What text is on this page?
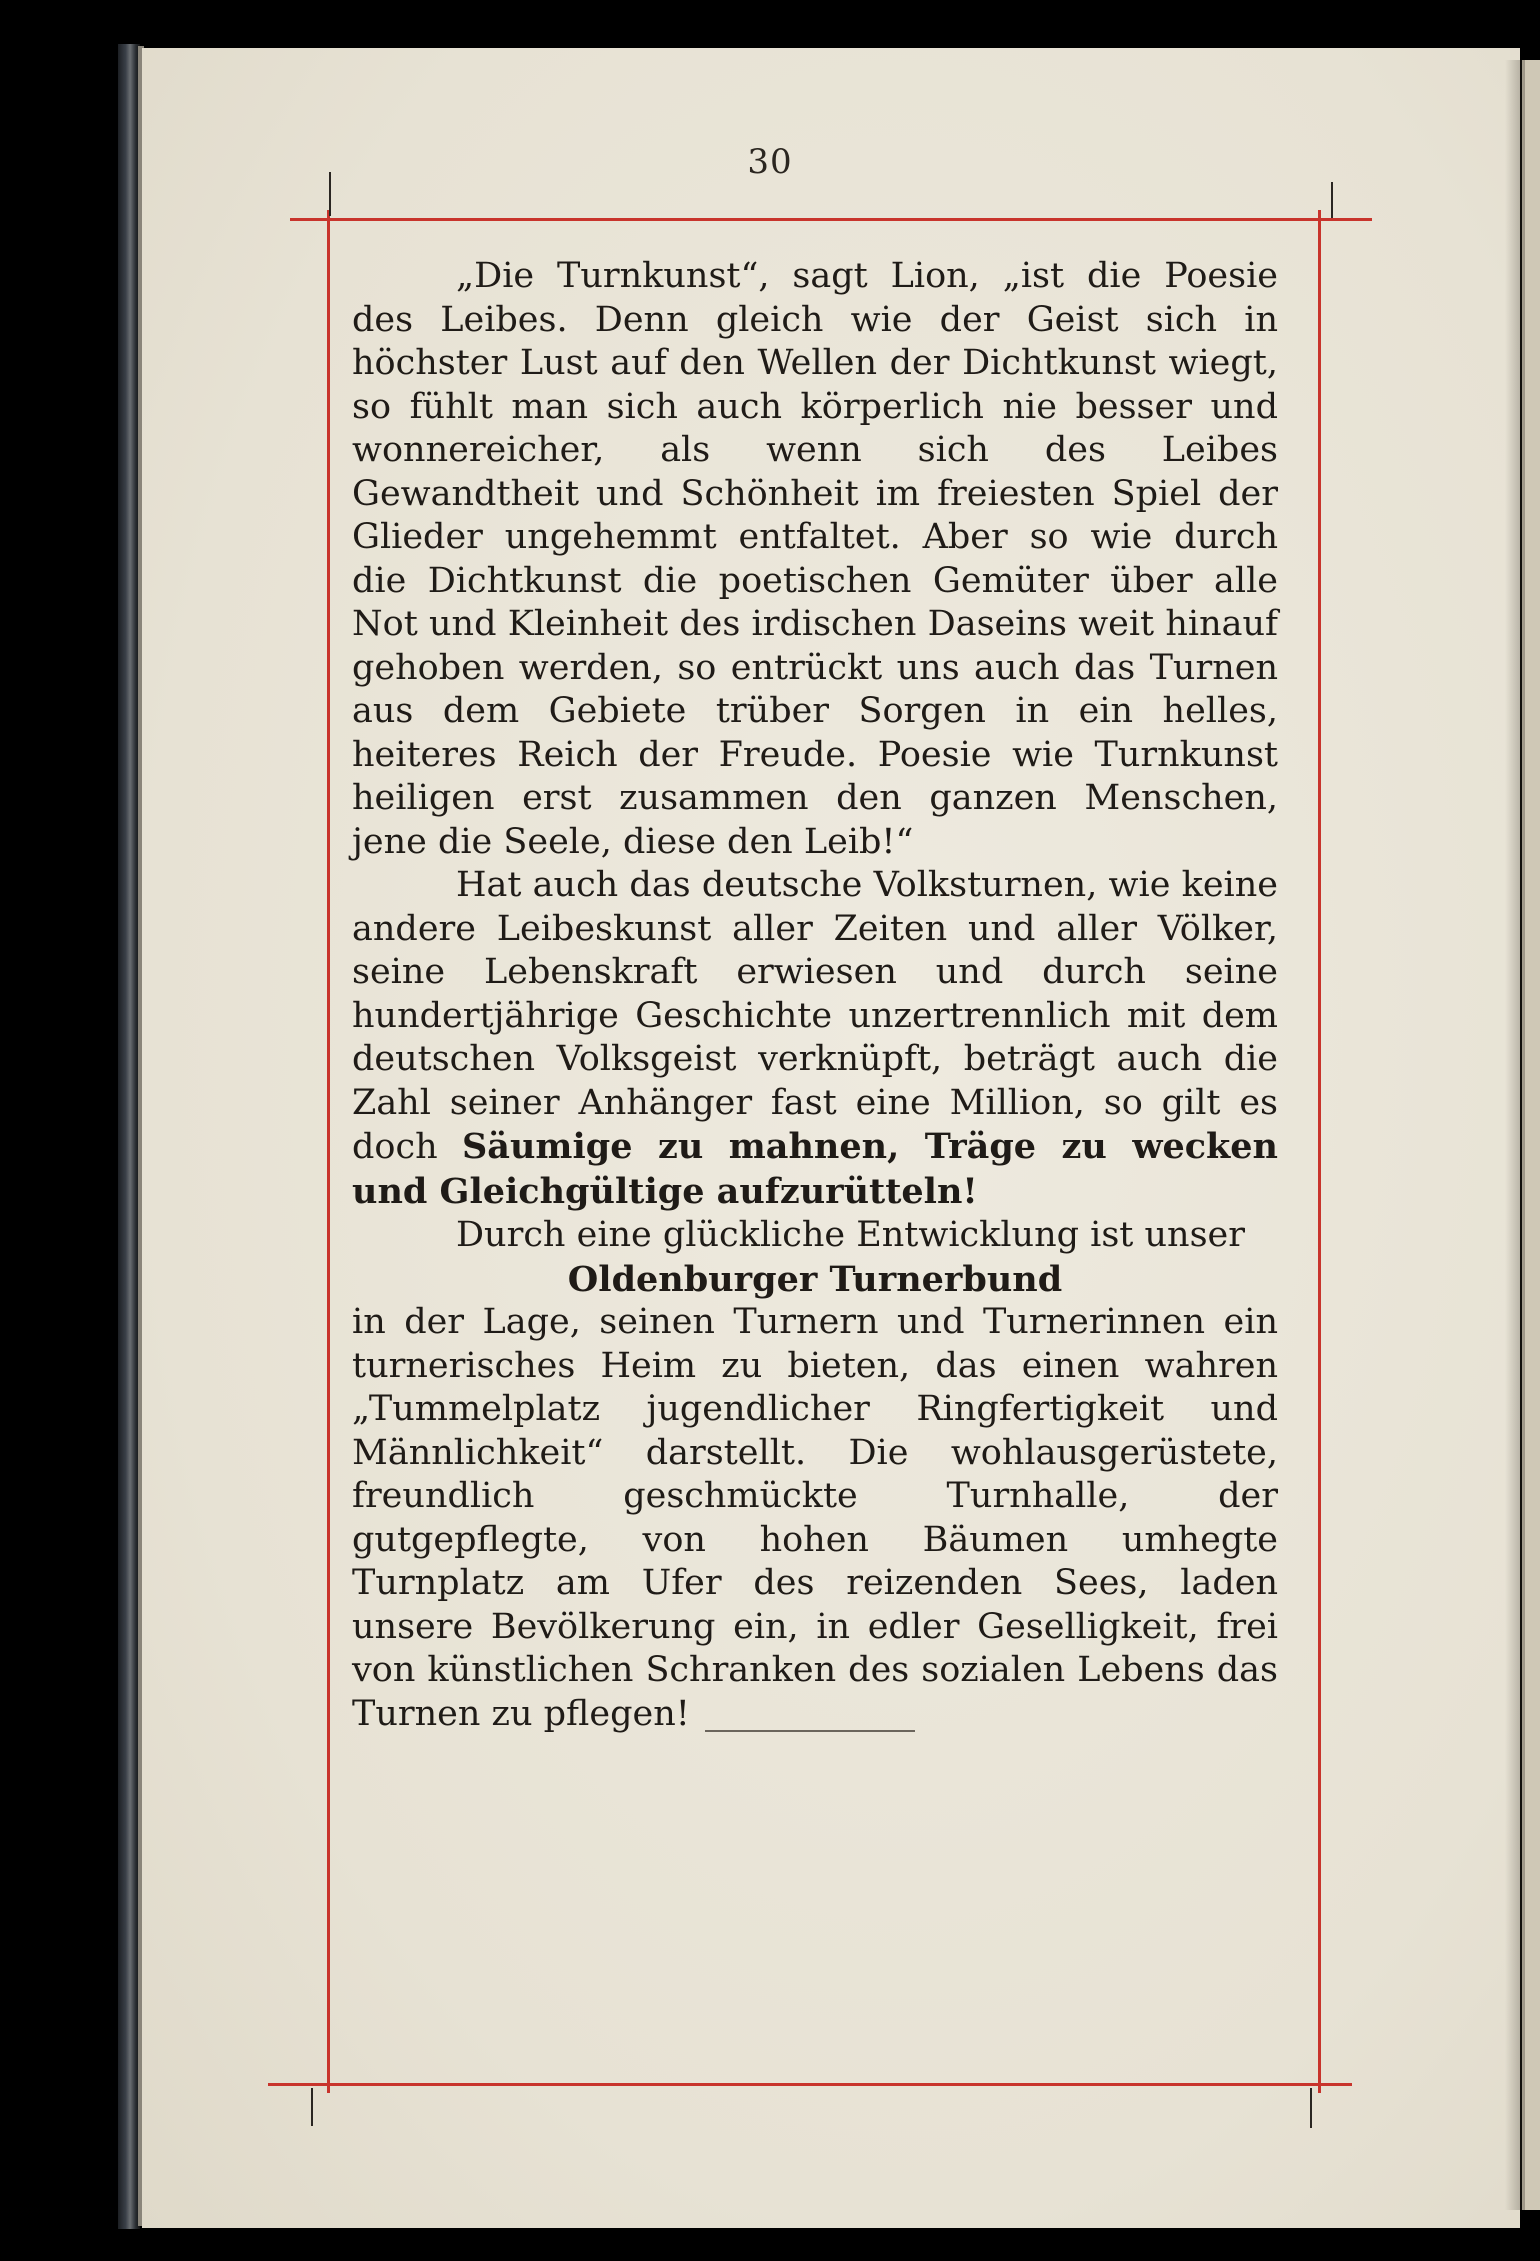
30

„Die Turnkunst“, sagt Lion, „ist die Poesie des Leibes. Denn gleich wie der Geist sich in höchster Lust auf den Wellen der Dichtkunst wiegt, so fühlt man sich auch körperlich nie besser und wonnereicher, als wenn sich des Leibes Gewandtheit und Schönheit im freiesten Spiel der Glieder ungehemmt entfaltet. Aber so wie durch die Dichtkunst die poetischen Gemüter über alle Not und Kleinheit des irdischen Daseins weit hinauf gehoben werden, so entrückt uns auch das Turnen aus dem Gebiete trüber Sorgen in ein helles, heiteres Reich der Freude. Poesie wie Turnkunst heiligen erst zusammen den ganzen Menschen, jene die Seele, diese den Leib!“

Hat auch das deutsche Volksturnen, wie keine andere Leibeskunst aller Zeiten und aller Völker, seine Lebenskraft erwiesen und durch seine hundertjährige Geschichte unzertrennlich mit dem deutschen Volksgeist verknüpft, beträgt auch die Zahl seiner Anhänger fast eine Million, so gilt es doch Säumige zu mahnen, Träge zu wecken und Gleichgültige aufzurütteln!

Durch eine glückliche Entwicklung ist unser

Oldenburger Turnerbund

in der Lage, seinen Turnern und Turnerinnen ein turnerisches Heim zu bieten, das einen wahren „Tummelplatz jugendlicher Ringfertigkeit und Männlichkeit“ darstellt. Die wohlausgerüstete, freundlich geschmückte Turnhalle, der gutgepflegte, von hohen Bäumen umhegte Turnplatz am Ufer des reizenden Sees, laden unsere Bevölkerung ein, in edler Geselligkeit, frei von künstlichen Schranken des sozialen Lebens das Turnen zu pflegen!
